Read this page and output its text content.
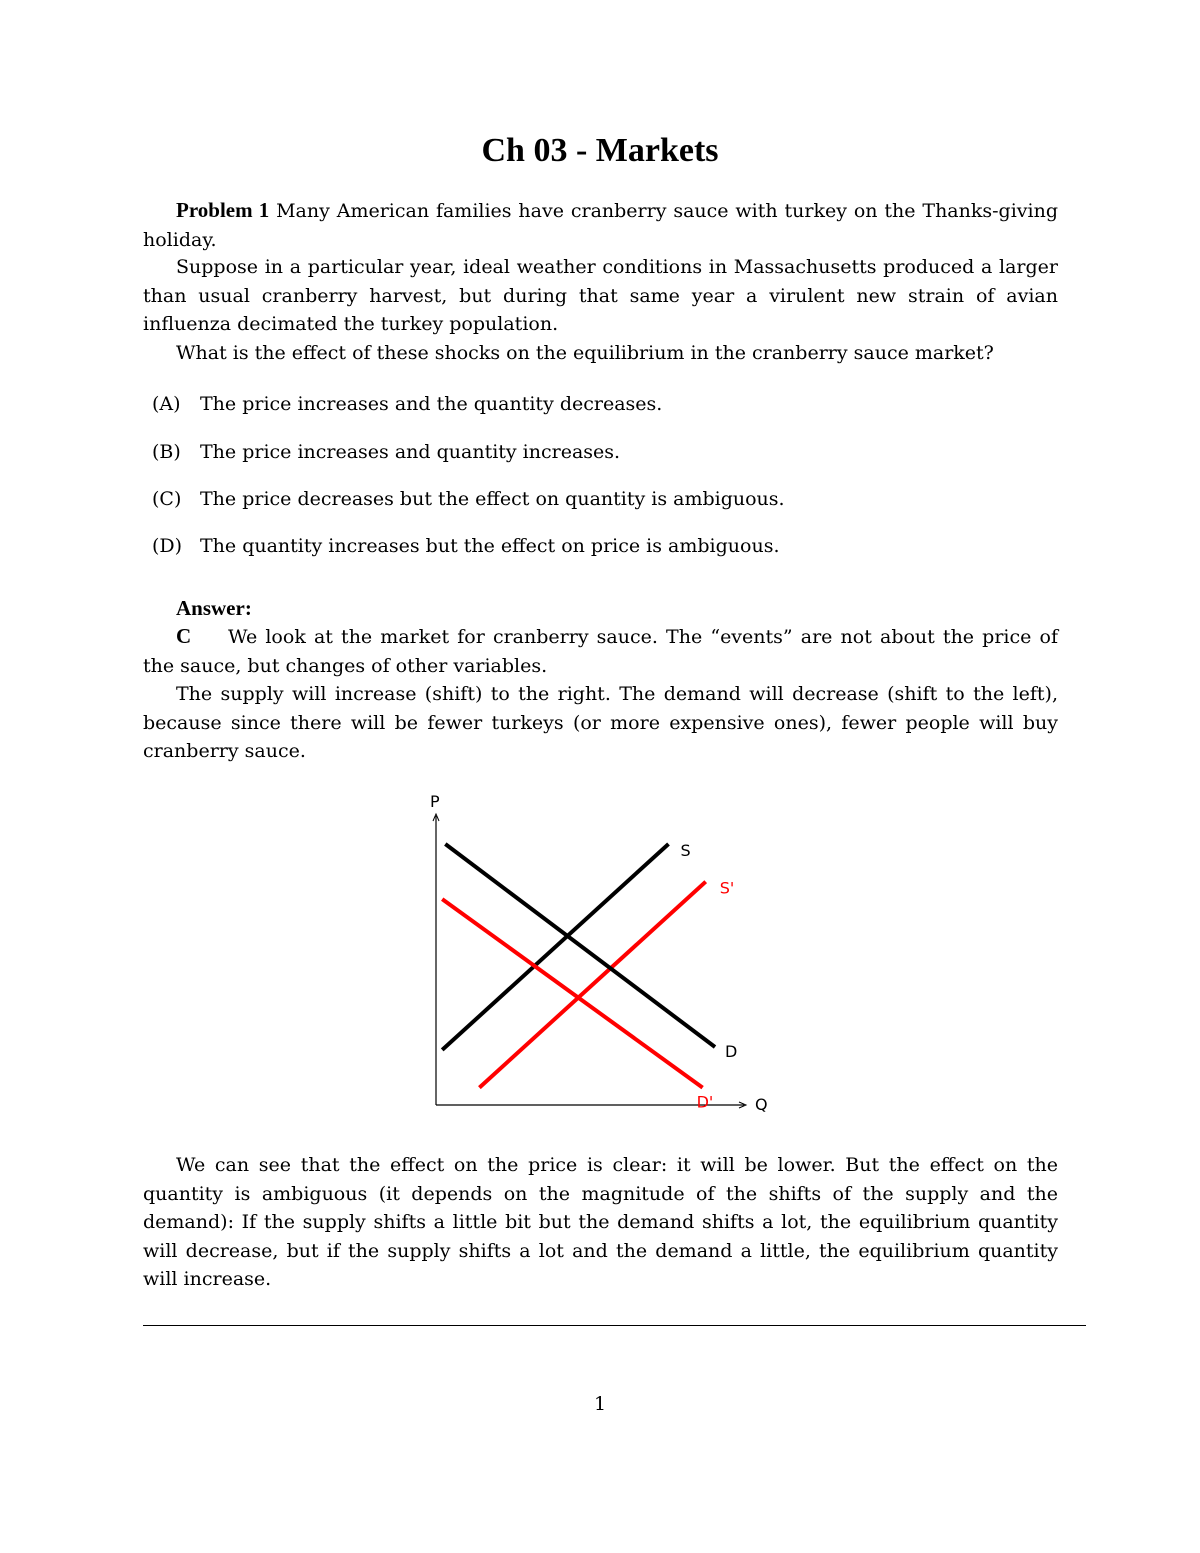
Ch 03 - Markets

Problem 1 Many American families have cranberry sauce with turkey on the Thanks-giving holiday.

Suppose in a particular year, ideal weather conditions in Massachusetts produced a larger than usual cranberry harvest, but during that same year a virulent new strain of avian influenza decimated the turkey population.

What is the effect of these shocks on the equilibrium in the cranberry sauce market?

(A) The price increases and the quantity decreases.
(B) The price increases and quantity increases.
(C) The price decreases but the effect on quantity is ambiguous.
(D) The quantity increases but the effect on price is ambiguous.

Answer:

C We look at the market for cranberry sauce. The “events” are not about the price of the sauce, but changes of other variables.

The supply will increase (shift) to the right. The demand will decrease (shift to the left), because since there will be fewer turkeys (or more expensive ones), fewer people will buy cranberry sauce.

P
Q
S
S'
D
D'

We can see that the effect on the price is clear: it will be lower. But the effect on the quantity is ambiguous (it depends on the magnitude of the shifts of the supply and the demand): If the supply shifts a little bit but the demand shifts a lot, the equilibrium quantity will decrease, but if the supply shifts a lot and the demand a little, the equilibrium quantity will increase.

1
